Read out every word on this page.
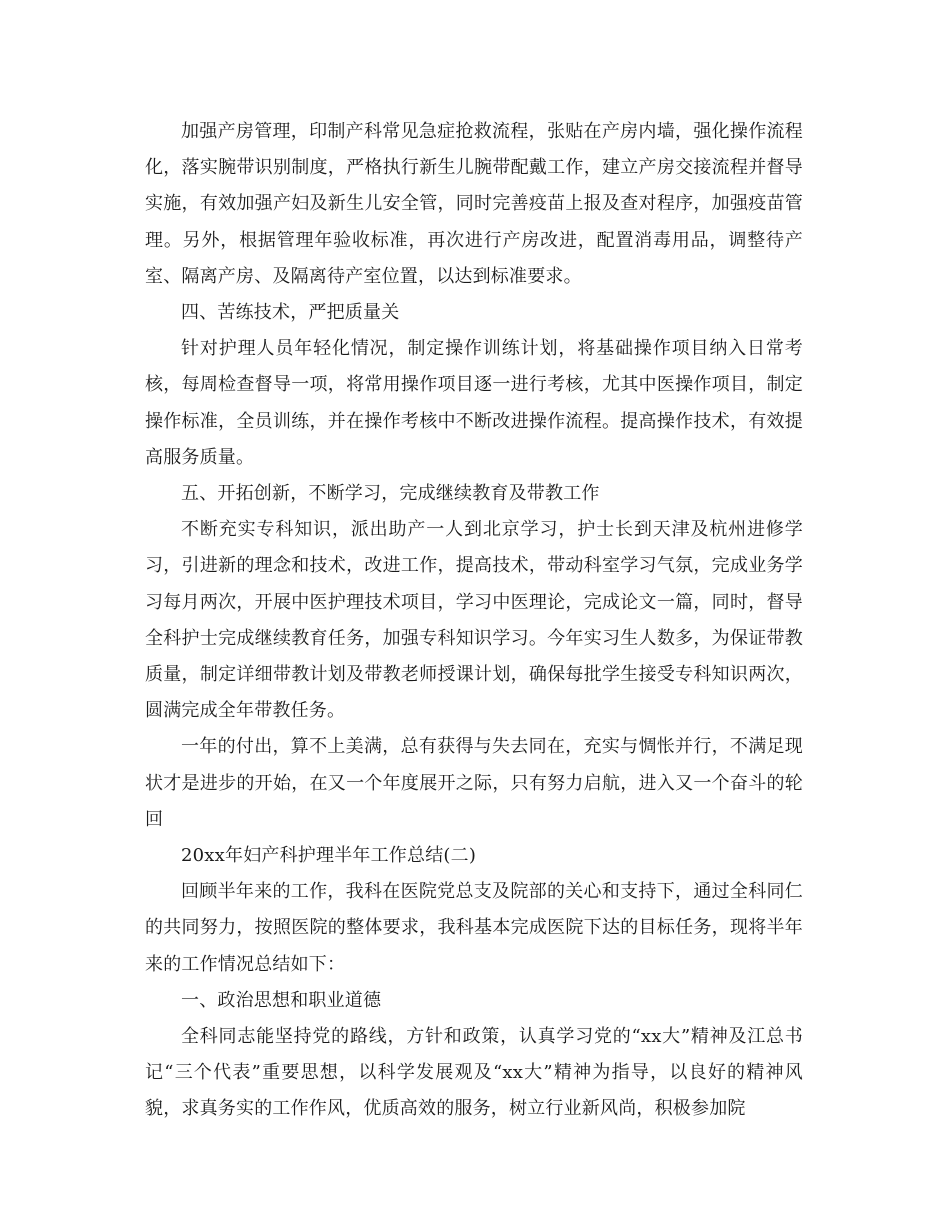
加强产房管理，印制产科常见急症抢救流程，张贴在产房内墙，强化操作流程化，落实腕带识别制度，严格执行新生儿腕带配戴工作，建立产房交接流程并督导实施，有效加强产妇及新生儿安全管，同时完善疫苗上报及查对程序，加强疫苗管理。另外，根据管理年验收标准，再次进行产房改进，配置消毒用品，调整待产室、隔离产房、及隔离待产室位置，以达到标准要求。

四、苦练技术，严把质量关

针对护理人员年轻化情况，制定操作训练计划，将基础操作项目纳入日常考核，每周检查督导一项，将常用操作项目逐一进行考核，尤其中医操作项目，制定操作标准，全员训练，并在操作考核中不断改进操作流程。提高操作技术，有效提高服务质量。

五、开拓创新，不断学习，完成继续教育及带教工作

不断充实专科知识，派出助产一人到北京学习，护士长到天津及杭州进修学习，引进新的理念和技术，改进工作，提高技术，带动科室学习气氛，完成业务学习每月两次，开展中医护理技术项目，学习中医理论，完成论文一篇，同时，督导全科护士完成继续教育任务，加强专科知识学习。今年实习生人数多，为保证带教质量，制定详细带教计划及带教老师授课计划，确保每批学生接受专科知识两次，圆满完成全年带教任务。

一年的付出，算不上美满，总有获得与失去同在，充实与惆怅并行，不满足现状才是进步的开始，在又一个年度展开之际，只有努力启航，进入又一个奋斗的轮回

20xx年妇产科护理半年工作总结(二)

回顾半年来的工作，我科在医院党总支及院部的关心和支持下，通过全科同仁的共同努力，按照医院的整体要求，我科基本完成医院下达的目标任务，现将半年来的工作情况总结如下：

一、政治思想和职业道德

全科同志能坚持党的路线，方针和政策，认真学习党的“xx大”精神及江总书记“三个代表”重要思想，以科学发展观及“xx大”精神为指导，以良好的精神风貌，求真务实的工作作风，优质高效的服务，树立行业新风尚，积极参加院
